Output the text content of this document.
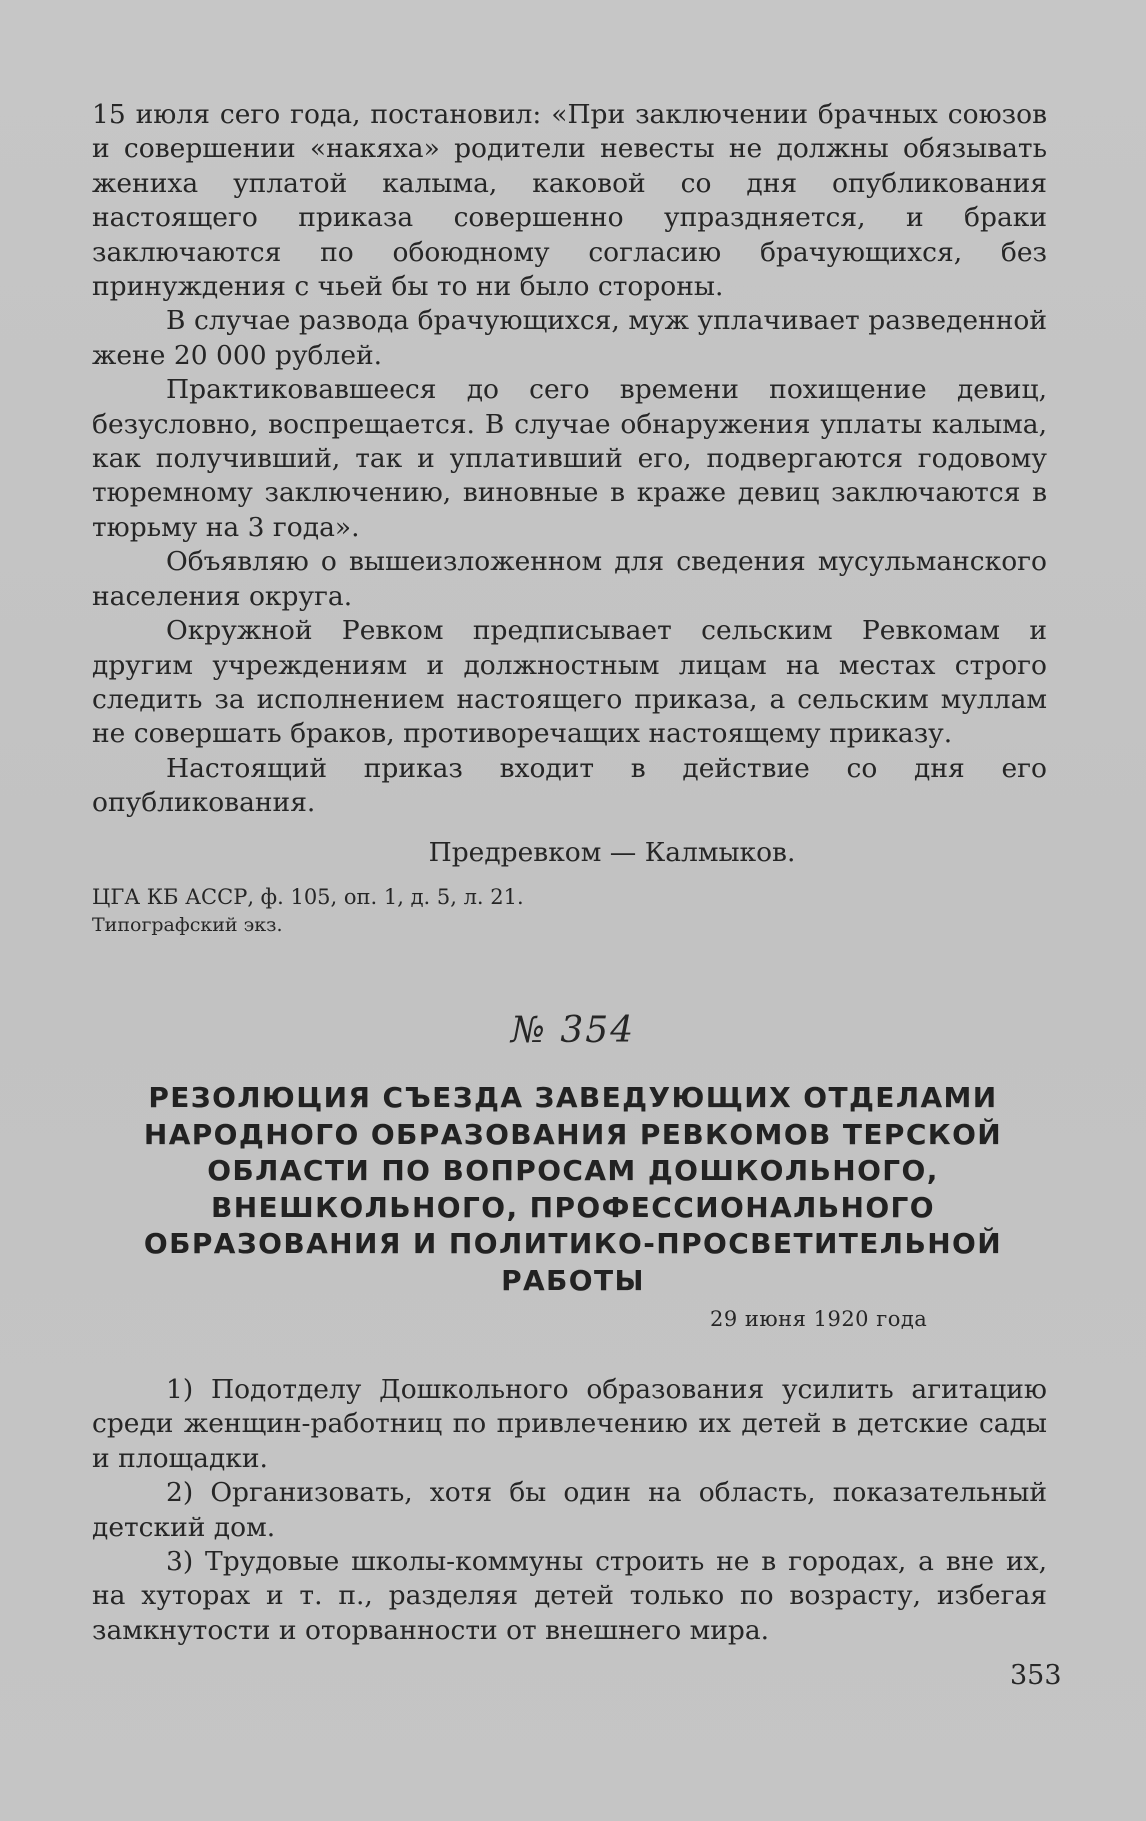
15 июля сего года, постановил: «При заключении брачных союзов и совершении «накяха» родители невесты не должны обязывать жениха уплатой калыма, каковой со дня опубликования настоящего приказа совершенно упраздняется, и браки заключаются по обоюдному согласию брачующихся, без принуждения с чьей бы то ни было стороны.

В случае развода брачующихся, муж уплачивает разведенной жене 20 000 рублей.

Практиковавшееся до сего времени похищение девиц, безусловно, воспрещается. В случае обнаружения уплаты калыма, как получивший, так и уплативший его, подвергаются годовому тюремному заключению, виновные в краже девиц заключаются в тюрьму на 3 года».

Объявляю о вышеизложенном для сведения мусульманского населения округа.

Окружной Ревком предписывает сельским Ревкомам и другим учреждениям и должностным лицам на местах строго следить за исполнением настоящего приказа, а сельским муллам не совершать браков, противоречащих настоящему приказу.

Настоящий приказ входит в действие со дня его опубликования.

Предревком — Калмыков.
ЦГА КБ АССР, ф. 105, оп. 1, д. 5, л. 21.
Типографский экз.
№ 354
РЕЗОЛЮЦИЯ СЪЕЗДА ЗАВЕДУЮЩИХ ОТДЕЛАМИ НАРОДНОГО ОБРАЗОВАНИЯ РЕВКОМОВ ТЕРСКОЙ ОБЛАСТИ ПО ВОПРОСАМ ДОШКОЛЬНОГО, ВНЕШКОЛЬНОГО, ПРОФЕССИОНАЛЬНОГО ОБРАЗОВАНИЯ И ПОЛИТИКО-ПРОСВЕТИТЕЛЬНОЙ РАБОТЫ
29 июня 1920 года

1) Подотделу Дошкольного образования усилить агитацию среди женщин-работниц по привлечению их детей в детские сады и площадки.

2) Организовать, хотя бы один на область, показательный детский дом.

3) Трудовые школы-коммуны строить не в городах, а вне их, на хуторах и т. п., разделяя детей только по возрасту, избегая замкнутости и оторванности от внешнего мира.

353
